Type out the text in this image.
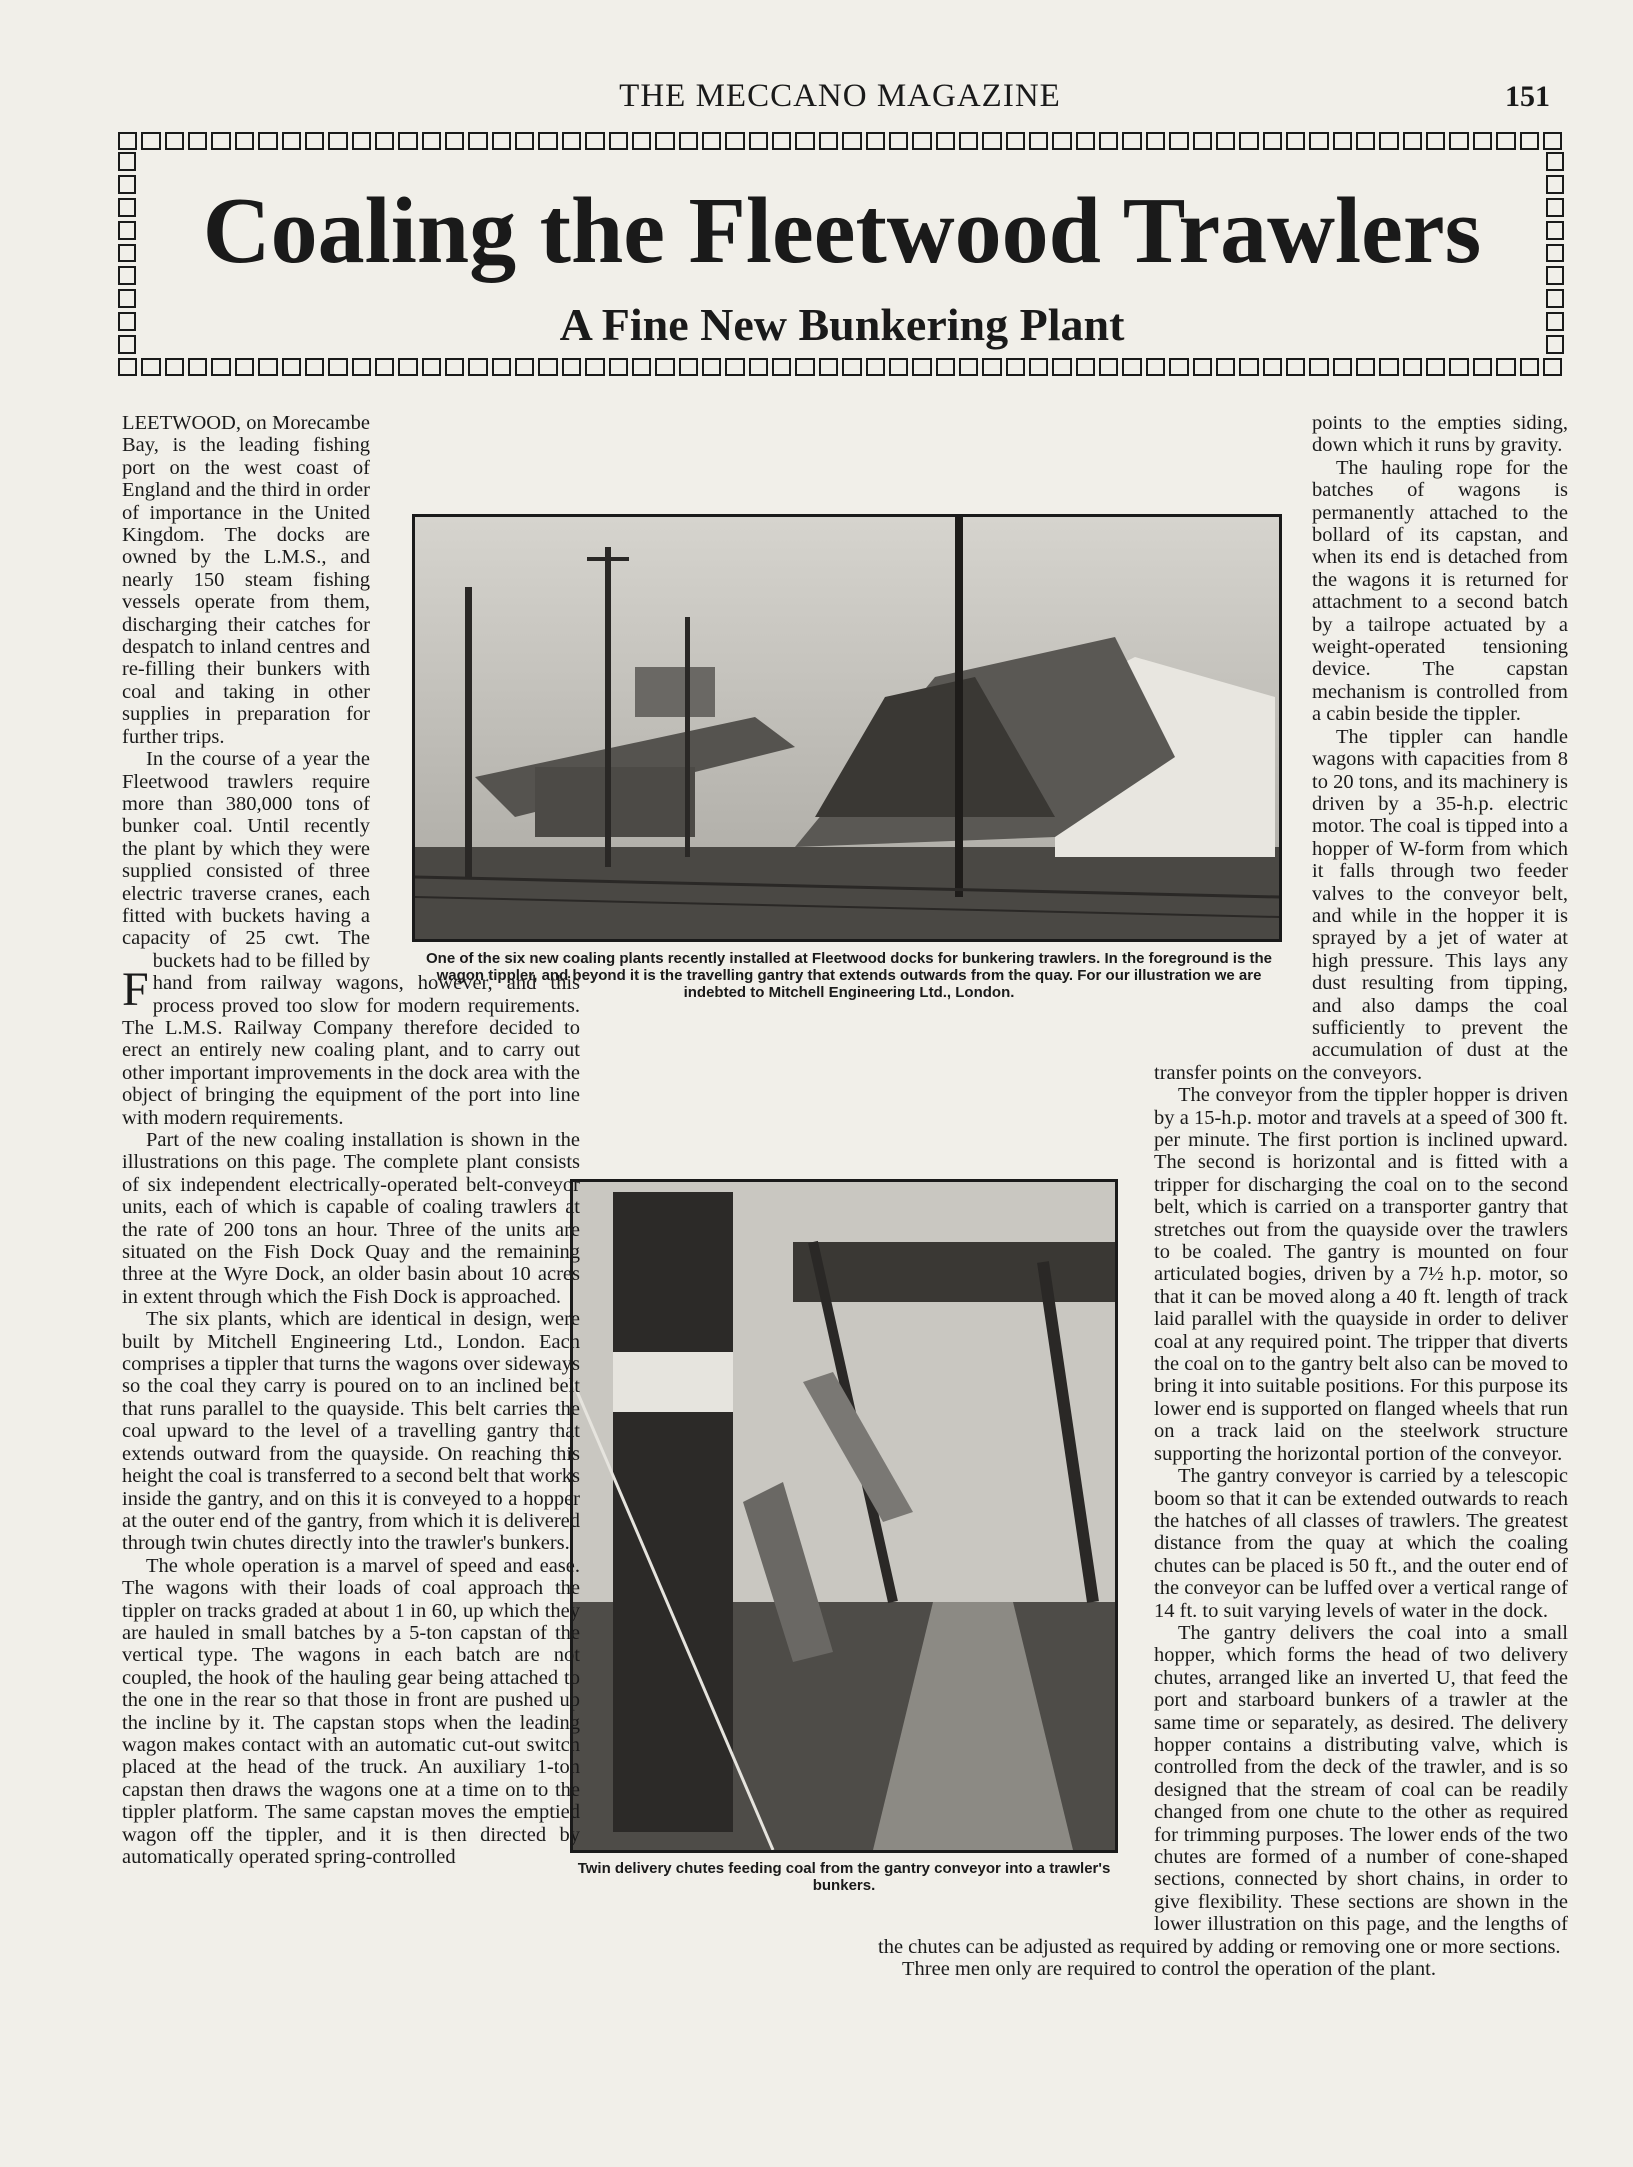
THE MECCANO MAGAZINE	151
Coaling the Fleetwood Trawlers
A Fine New Bunkering Plant
One of the six new coaling plants recently installed at Fleetwood docks for bunkering trawlers. In the foreground is the wagon tippler, and beyond it is the travelling gantry that extends outwards from the quay. For our illustration we are indebted to Mitchell Engineering Ltd., London.
Twin delivery chutes feeding coal from the gantry conveyor into a trawler's bunkers.

F
LEETWOOD, on Morecambe Bay, is the leading fishing port on the west coast of England and the third in order of importance in the United Kingdom. The docks are owned by the L.M.S., and nearly 150 steam fishing vessels operate from them, discharging their catches for despatch to inland centres and re-filling their bunkers with coal and taking in other supplies in preparation for further trips.

In the course of a year the Fleetwood trawlers require more than 380,000 tons of bunker coal. Until recently the plant by which they were supplied consisted of three electric traverse cranes, each fitted with buckets having a capacity of 25 cwt. The buckets had to be filled by hand from railway wagons, however, and this process proved too slow for modern requirements. The L.M.S. Railway Company therefore decided to erect an entirely new coaling plant, and to carry out other important improvements in the dock area with the object of bringing the equipment of the port into line with modern requirements.

Part of the new coaling installation is shown in the illustrations on this page. The complete plant consists of six independent electrically-operated belt-conveyor units, each of which is capable of coaling trawlers at the rate of 200 tons an hour. Three of the units are situated on the Fish Dock Quay and the remaining three at the Wyre Dock, an older basin about 10 acres in extent through which the Fish Dock is approached.

The six plants, which are identical in design, were built by Mitchell Engineering Ltd., London. Each comprises a tippler that turns the wagons over sideways so the coal they carry is poured on to an inclined belt that runs parallel to the quayside. This belt carries the coal upward to the level of a travelling gantry that extends outward from the quayside. On reaching this height the coal is transferred to a second belt that works inside the gantry, and on this it is conveyed to a hopper at the outer end of the gantry, from which it is delivered through twin chutes directly into the trawler's bunkers.

The whole operation is a marvel of speed and ease. The wagons with their loads of coal approach the tippler on tracks graded at about 1 in 60, up which they are hauled in small batches by a 5-ton capstan of the vertical type. The wagons in each batch are not coupled, the hook of the hauling gear being attached to the one in the rear so that those in front are pushed up the incline by it. The capstan stops when the leading wagon makes contact with an automatic cut-out switch placed at the head of the truck. An auxiliary 1-ton capstan then draws the wagons one at a time on to the tippler platform. The same capstan moves the emptied wagon off the tippler, and it is then directed by automatically operated spring-controlled

points to the empties siding, down which it runs by gravity.

The hauling rope for the batches of wagons is permanently attached to the bollard of its capstan, and when its end is detached from the wagons it is returned for attachment to a second batch by a tailrope actuated by a weight-operated tensioning device. The capstan mechanism is controlled from a cabin beside the tippler.

The tippler can handle wagons with capacities from 8 to 20 tons, and its machinery is driven by a 35-h.p. electric motor. The coal is tipped into a hopper of W-form from which it falls through two feeder valves to the conveyor belt, and while in the hopper it is sprayed by a jet of water at high pressure. This lays any dust resulting from tipping, and also damps the coal sufficiently to prevent the accumulation of dust at the transfer points on the conveyors.

The conveyor from the tippler hopper is driven by a 15-h.p. motor and travels at a speed of 300 ft. per minute. The first portion is inclined upward. The second is horizontal and is fitted with a tripper for discharging the coal on to the second belt, which is carried on a transporter gantry that stretches out from the quayside over the trawlers to be coaled. The gantry is mounted on four articulated bogies, driven by a 7½ h.p. motor, so that it can be moved along a 40 ft. length of track laid parallel with the quayside in order to deliver coal at any required point. The tripper that diverts the coal on to the gantry belt also can be moved to bring it into suitable positions. For this purpose its lower end is supported on flanged wheels that run on a track laid on the steelwork structure supporting the horizontal portion of the conveyor.

The gantry conveyor is carried by a telescopic boom so that it can be extended outwards to reach the hatches of all classes of trawlers. The greatest distance from the quay at which the coaling chutes can be placed is 50 ft., and the outer end of the conveyor can be luffed over a vertical range of 14 ft. to suit varying levels of water in the dock.

The gantry delivers the coal into a small hopper, which forms the head of two delivery chutes, arranged like an inverted U, that feed the port and starboard bunkers of a trawler at the same time or separately, as desired. The delivery hopper contains a distributing valve, which is controlled from the deck of the trawler, and is so designed that the stream of coal can be readily changed from one chute to the other as required for trimming purposes. The lower ends of the two chutes are formed of a number of cone-shaped sections, connected by short chains, in order to give flexibility. These sections are shown in the lower illustration on this page, and the lengths of the chutes can be adjusted as required by adding or removing one or more sections.

Three men only are required to control the operation of the plant.
